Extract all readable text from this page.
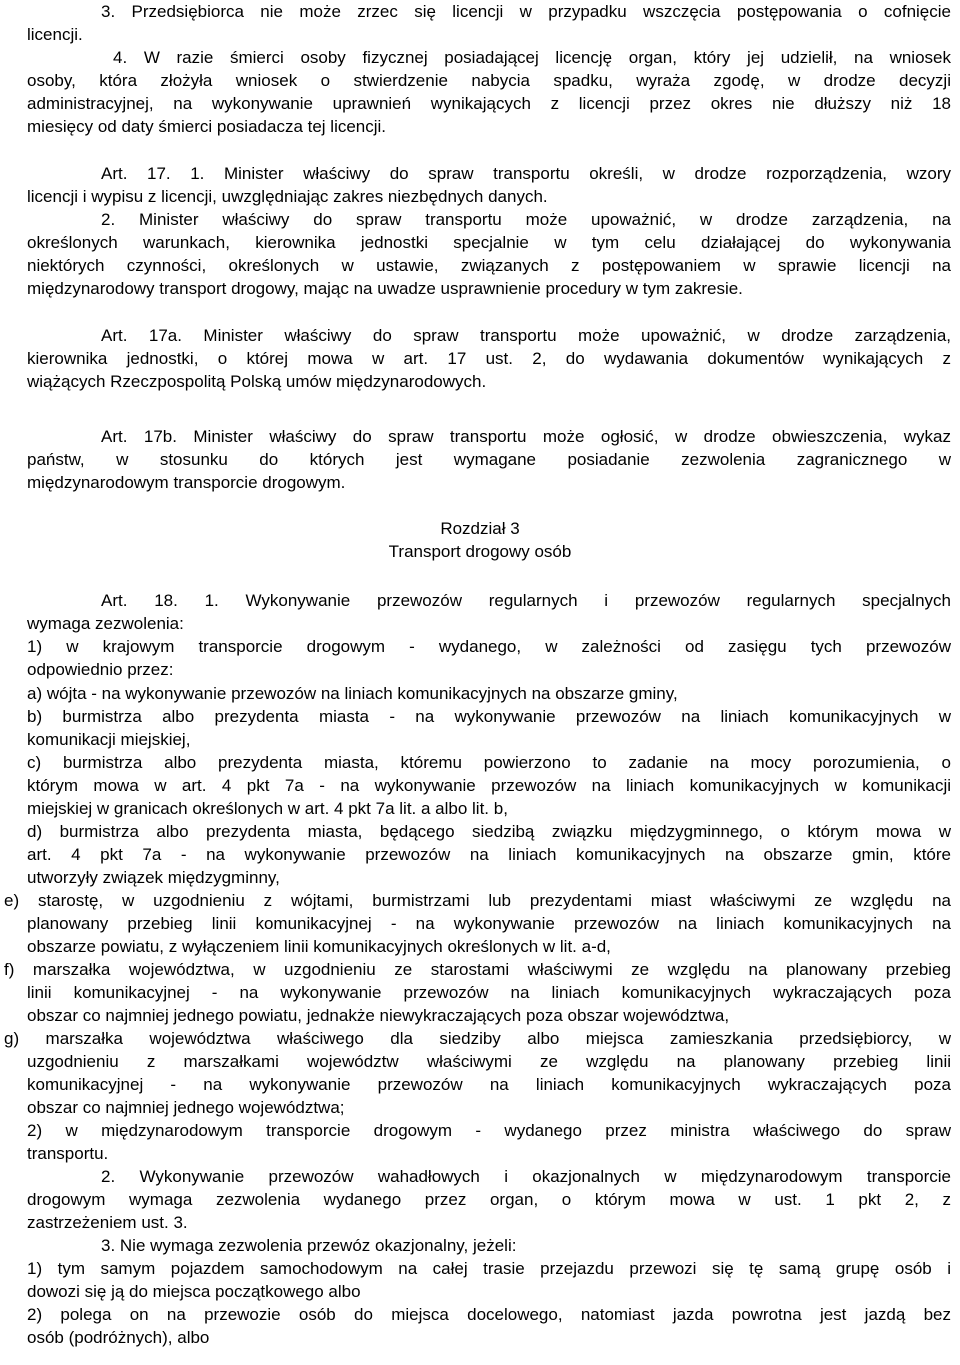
3. Przedsiębiorca nie może zrzec się licencji w przypadku wszczęcia postępowania o cofnięcie
licencji.
4. W razie śmierci osoby fizycznej posiadającej licencję organ, który jej udzielił, na wniosek
osoby, która złożyła wniosek o stwierdzenie nabycia spadku, wyraża zgodę, w drodze decyzji
administracyjnej, na wykonywanie uprawnień wynikających z licencji przez okres nie dłuższy niż 18
miesięcy od daty śmierci posiadacza tej licencji.
Art. 17. 1. Minister właściwy do spraw transportu określi, w drodze rozporządzenia, wzory
licencji i wypisu z licencji, uwzględniając zakres niezbędnych danych.
2. Minister właściwy do spraw transportu może upoważnić, w drodze zarządzenia, na
określonych warunkach, kierownika jednostki specjalnie w tym celu działającej do wykonywania
niektórych czynności, określonych w ustawie, związanych z postępowaniem w sprawie licencji na
międzynarodowy transport drogowy, mając na uwadze usprawnienie procedury w tym zakresie.
Art. 17a. Minister właściwy do spraw transportu może upoważnić, w drodze zarządzenia,
kierownika jednostki, o której mowa w art. 17 ust. 2, do wydawania dokumentów wynikających z
wiążących Rzeczpospolitą Polską umów międzynarodowych.
Art. 17b. Minister właściwy do spraw transportu może ogłosić, w drodze obwieszczenia, wykaz
państw, w stosunku do których jest wymagane posiadanie zezwolenia zagranicznego w
międzynarodowym transporcie drogowym.
Rozdział 3
Transport drogowy osób
Art. 18. 1. Wykonywanie przewozów regularnych i przewozów regularnych specjalnych
wymaga zezwolenia:
1) w krajowym transporcie drogowym - wydanego, w zależności od zasięgu tych przewozów
odpowiednio przez:
a) wójta - na wykonywanie przewozów na liniach komunikacyjnych na obszarze gminy,
b) burmistrza albo prezydenta miasta - na wykonywanie przewozów na liniach komunikacyjnych w
komunikacji miejskiej,
c) burmistrza albo prezydenta miasta, któremu powierzono to zadanie na mocy porozumienia, o
którym mowa w art. 4 pkt 7a - na wykonywanie przewozów na liniach komunikacyjnych w komunikacji
miejskiej w granicach określonych w art. 4 pkt 7a lit. a albo lit. b,
d) burmistrza albo prezydenta miasta, będącego siedzibą związku międzygminnego, o którym mowa w
art. 4 pkt 7a - na wykonywanie przewozów na liniach komunikacyjnych na obszarze gmin, które
utworzyły związek międzygminny,
e) starostę, w uzgodnieniu z wójtami, burmistrzami lub prezydentami miast właściwymi ze względu na
planowany przebieg linii komunikacyjnej - na wykonywanie przewozów na liniach komunikacyjnych na
obszarze powiatu, z wyłączeniem linii komunikacyjnych określonych w lit. a-d,
f) marszałka województwa, w uzgodnieniu ze starostami właściwymi ze względu na planowany przebieg
linii komunikacyjnej - na wykonywanie przewozów na liniach komunikacyjnych wykraczających poza
obszar co najmniej jednego powiatu, jednakże niewykraczających poza obszar województwa,
g) marszałka województwa właściwego dla siedziby albo miejsca zamieszkania przedsiębiorcy, w
uzgodnieniu z marszałkami województw właściwymi ze względu na planowany przebieg linii
komunikacyjnej - na wykonywanie przewozów na liniach komunikacyjnych wykraczających poza
obszar co najmniej jednego województwa;
2) w międzynarodowym transporcie drogowym - wydanego przez ministra właściwego do spraw
transportu.
2. Wykonywanie przewozów wahadłowych i okazjonalnych w międzynarodowym transporcie
drogowym wymaga zezwolenia wydanego przez organ, o którym mowa w ust. 1 pkt 2, z
zastrzeżeniem ust. 3.
3. Nie wymaga zezwolenia przewóz okazjonalny, jeżeli:
1) tym samym pojazdem samochodowym na całej trasie przejazdu przewozi się tę samą grupę osób i
dowozi się ją do miejsca początkowego albo
2) polega on na przewozie osób do miejsca docelowego, natomiast jazda powrotna jest jazdą bez
osób (podróżnych), albo
